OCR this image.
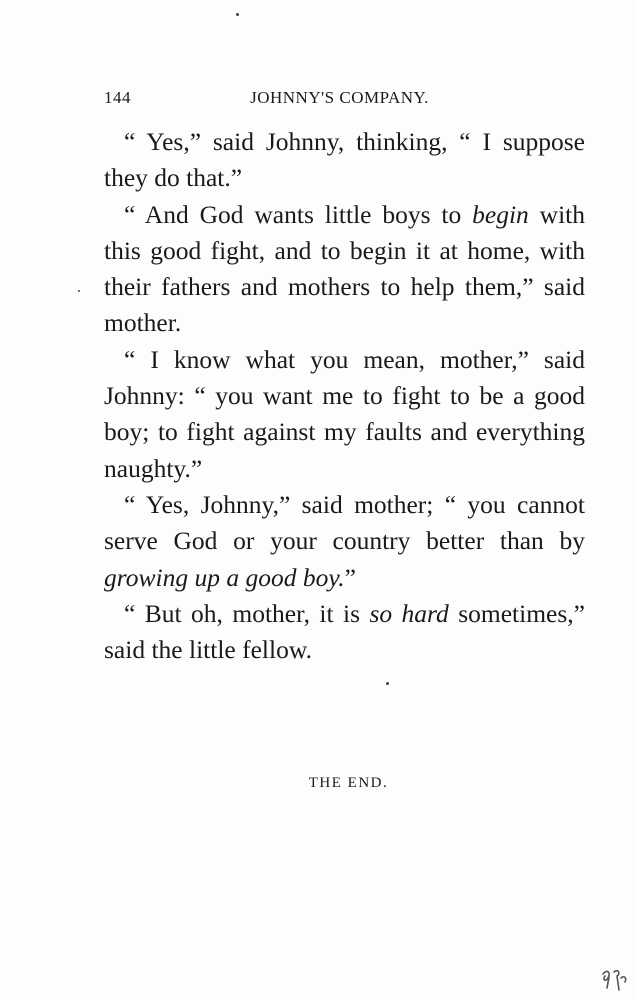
144	JOHNNY'S COMPANY.

“ Yes,” said Johnny, thinking, “ I suppose they do that.”

“ And God wants little boys to begin with this good fight, and to begin it at home, with their fathers and mothers to help them,” said mother.

“ I know what you mean, mother,” said Johnny: “ you want me to fight to be a good boy; to fight against my faults and everything naughty.”

“ Yes, Johnny,” said mother; “ you cannot serve God or your country better than by growing up a good boy.”

“ But oh, mother, it is so hard sometimes,” said the little fellow.

THE END.
